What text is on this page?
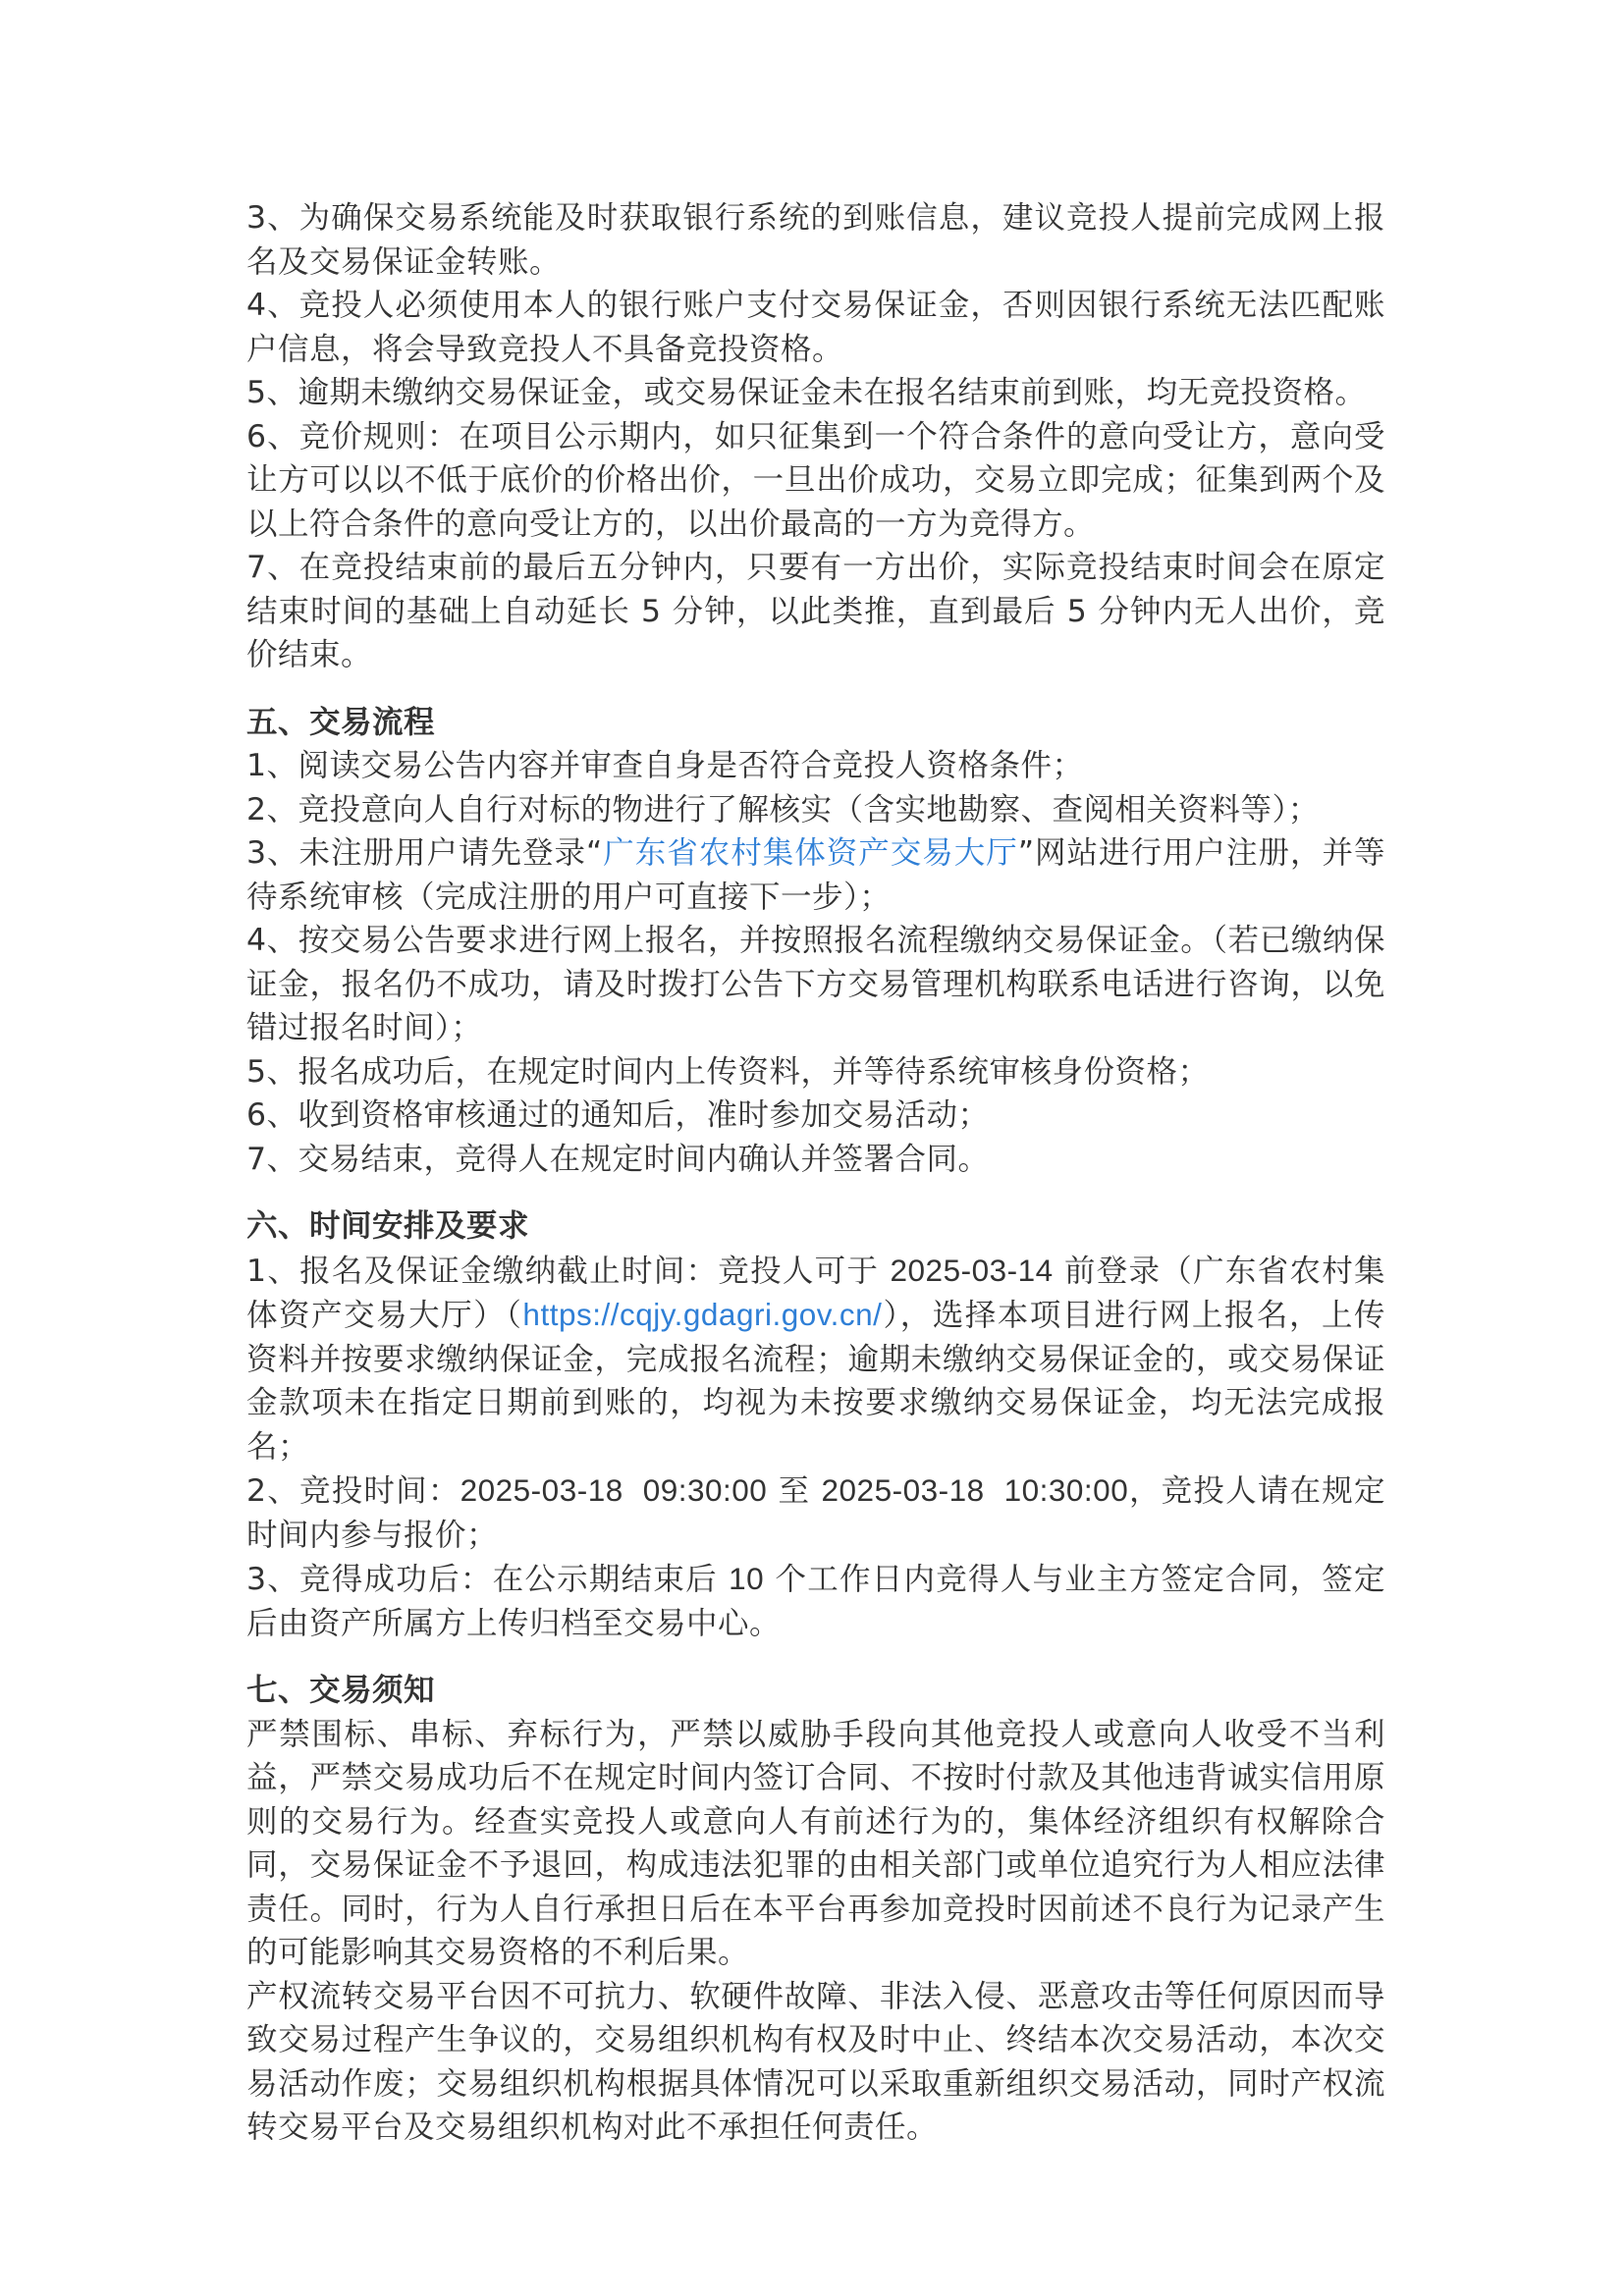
3、为确保交易系统能及时获取银行系统的到账信息，建议竞投人提前完成网上报名及交易保证金转账。

4、竞投人必须使用本人的银行账户支付交易保证金，否则因银行系统无法匹配账户信息，将会导致竞投人不具备竞投资格。

5、逾期未缴纳交易保证金，或交易保证金未在报名结束前到账，均无竞投资格。

6、竞价规则：在项目公示期内，如只征集到一个符合条件的意向受让方，意向受让方可以以不低于底价的价格出价，一旦出价成功，交易立即完成；征集到两个及以上符合条件的意向受让方的，以出价最高的一方为竞得方。

7、在竞投结束前的最后五分钟内，只要有一方出价，实际竞投结束时间会在原定结束时间的基础上自动延长 5 分钟，以此类推，直到最后 5 分钟内无人出价，竞价结束。

五、交易流程

1、阅读交易公告内容并审查自身是否符合竞投人资格条件；

2、竞投意向人自行对标的物进行了解核实（含实地勘察、查阅相关资料等）；

3、未注册用户请先登录“广东省农村集体资产交易大厅”网站进行用户注册，并等待系统审核（完成注册的用户可直接下一步）；

4、按交易公告要求进行网上报名，并按照报名流程缴纳交易保证金。（若已缴纳保证金，报名仍不成功，请及时拨打公告下方交易管理机构联系电话进行咨询，以免错过报名时间）；

5、报名成功后，在规定时间内上传资料，并等待系统审核身份资格；

6、收到资格审核通过的通知后，准时参加交易活动；

7、交易结束，竞得人在规定时间内确认并签署合同。

六、时间安排及要求

1、报名及保证金缴纳截止时间：竞投人可于 2025-03-14 前登录（广东省农村集体资产交易大厅）（https://cqjy.gdagri.gov.cn/），选择本项目进行网上报名，上传资料并按要求缴纳保证金，完成报名流程；逾期未缴纳交易保证金的，或交易保证金款项未在指定日期前到账的，均视为未按要求缴纳交易保证金，均无法完成报名；

2、竞投时间：2025-03-18  09:30:00 至 2025-03-18  10:30:00，竞投人请在规定时间内参与报价；

3、竞得成功后：在公示期结束后 10 个工作日内竞得人与业主方签定合同，签定后由资产所属方上传归档至交易中心。

七、交易须知

严禁围标、串标、弃标行为，严禁以威胁手段向其他竞投人或意向人收受不当利益，严禁交易成功后不在规定时间内签订合同、不按时付款及其他违背诚实信用原则的交易行为。经查实竞投人或意向人有前述行为的，集体经济组织有权解除合同，交易保证金不予退回，构成违法犯罪的由相关部门或单位追究行为人相应法律责任。同时，行为人自行承担日后在本平台再参加竞投时因前述不良行为记录产生的可能影响其交易资格的不利后果。

产权流转交易平台因不可抗力、软硬件故障、非法入侵、恶意攻击等任何原因而导致交易过程产生争议的，交易组织机构有权及时中止、终结本次交易活动，本次交易活动作废；交易组织机构根据具体情况可以采取重新组织交易活动，同时产权流转交易平台及交易组织机构对此不承担任何责任。
